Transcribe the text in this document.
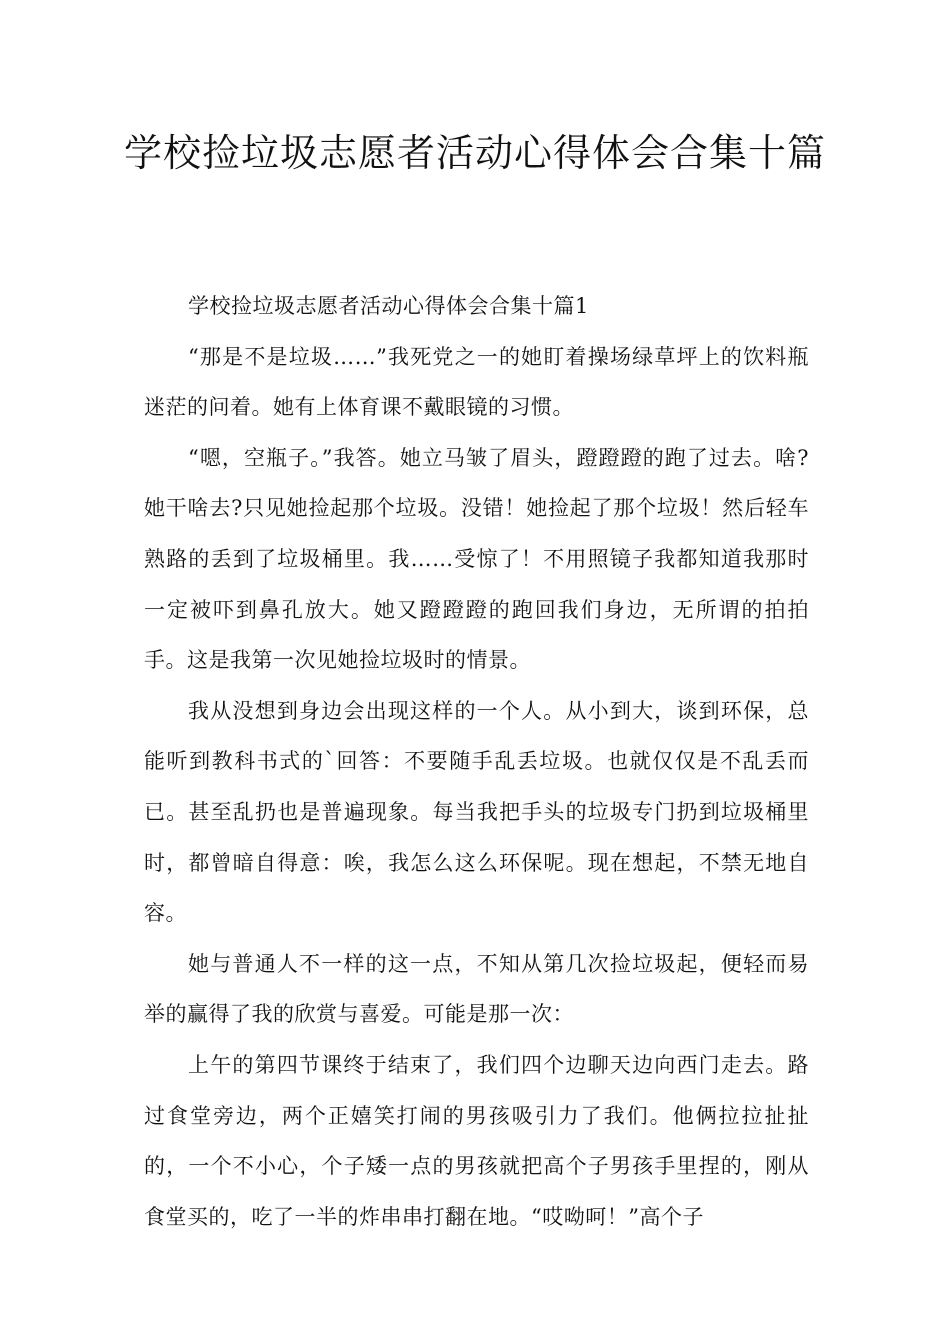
学校捡垃圾志愿者活动心得体会合集十篇

学校捡垃圾志愿者活动心得体会合集十篇1

“那是不是垃圾……”我死党之一的她盯着操场绿草坪上的饮料瓶迷茫的问着。她有上体育课不戴眼镜的习惯。

“嗯，空瓶子。”我答。她立马皱了眉头，蹬蹬蹬的跑了过去。啥?她干啥去?只见她捡起那个垃圾。没错！她捡起了那个垃圾！然后轻车熟路的丢到了垃圾桶里。我……受惊了！不用照镜子我都知道我那时一定被吓到鼻孔放大。她又蹬蹬蹬的跑回我们身边，无所谓的拍拍手。这是我第一次见她捡垃圾时的情景。

我从没想到身边会出现这样的一个人。从小到大，谈到环保，总能听到教科书式的`回答：不要随手乱丢垃圾。也就仅仅是不乱丢而已。甚至乱扔也是普遍现象。每当我把手头的垃圾专门扔到垃圾桶里时，都曾暗自得意：唉，我怎么这么环保呢。现在想起，不禁无地自容。

她与普通人不一样的这一点，不知从第几次捡垃圾起，便轻而易举的赢得了我的欣赏与喜爱。可能是那一次：

上午的第四节课终于结束了，我们四个边聊天边向西门走去。路过食堂旁边，两个正嬉笑打闹的男孩吸引力了我们。他俩拉拉扯扯的，一个不小心，个子矮一点的男孩就把高个子男孩手里捏的，刚从食堂买的，吃了一半的炸串串打翻在地。“哎呦呵！”高个子
